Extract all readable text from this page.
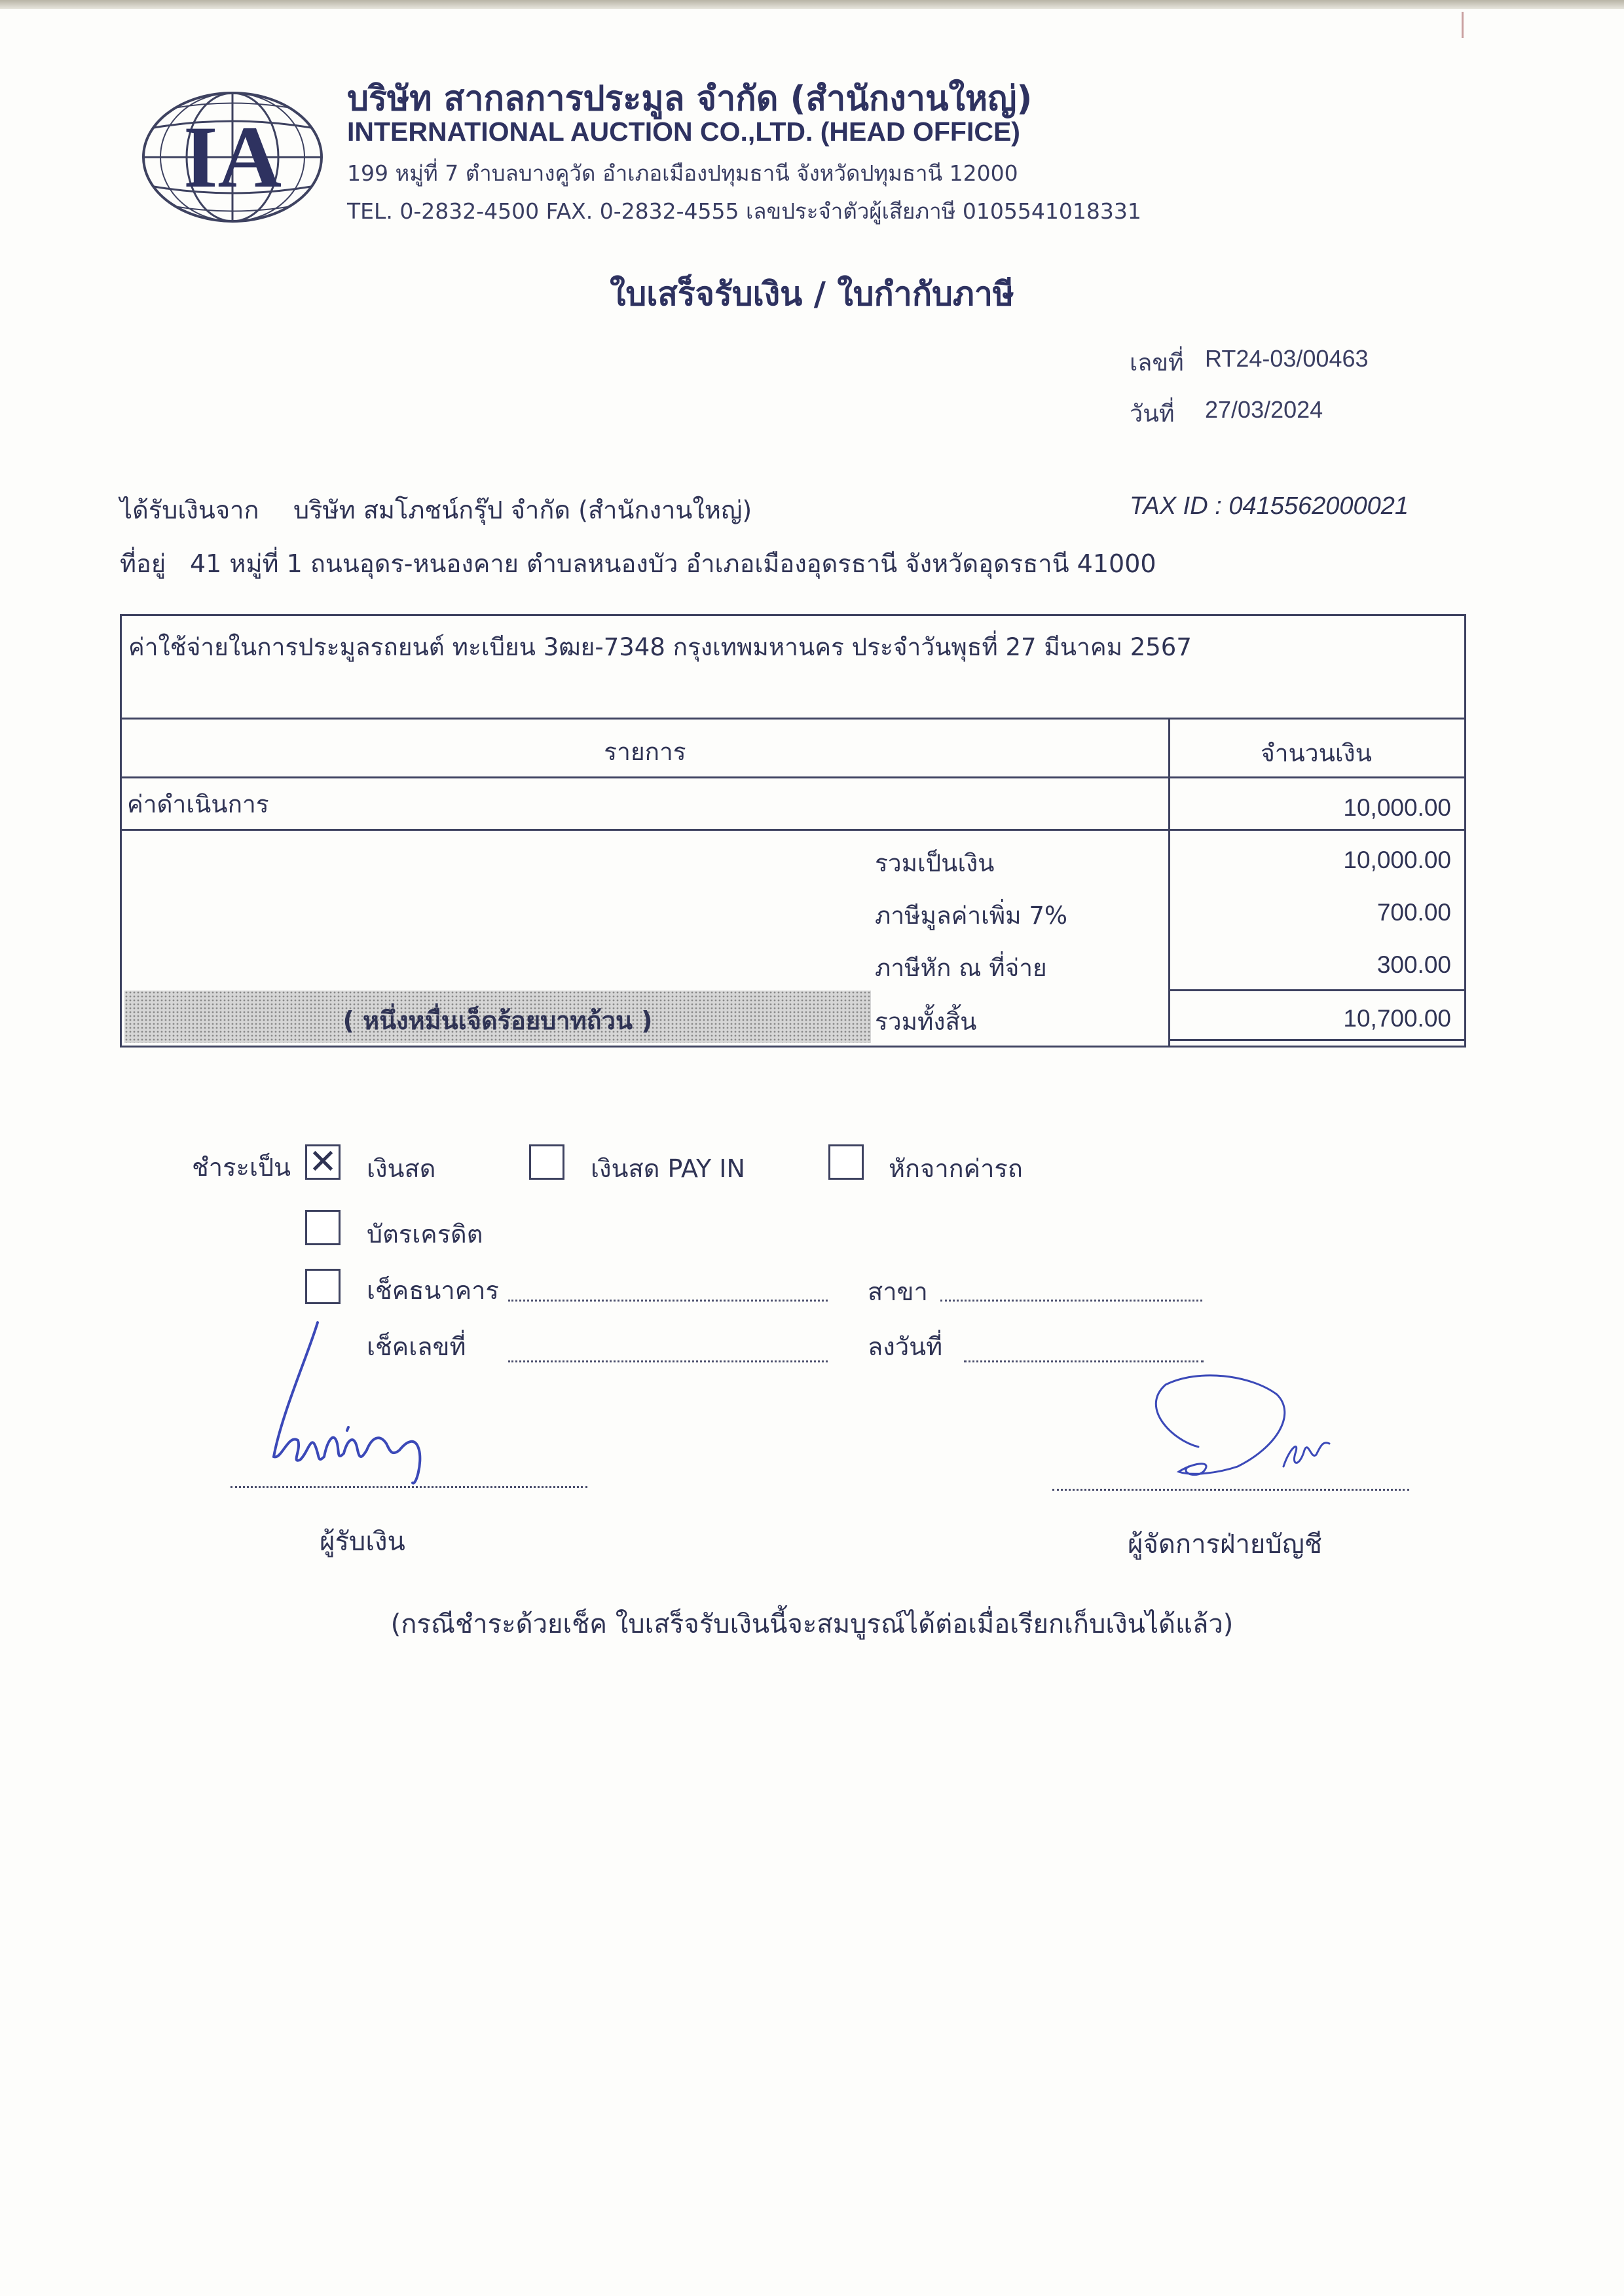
IA
บริษัท สากลการประมูล จำกัด (สำนักงานใหญ่)
INTERNATIONAL AUCTION CO.,LTD. (HEAD OFFICE)
199 หมู่ที่ 7 ตำบลบางคูวัด อำเภอเมืองปทุมธานี จังหวัดปทุมธานี 12000
TEL. 0-2832-4500 FAX. 0-2832-4555 เลขประจำตัวผู้เสียภาษี 0105541018331
ใบเสร็จรับเงิน / ใบกำกับภาษี
เลขที่ RT24-03/00463
วันที่ 27/03/2024
ได้รับเงินจาก บริษัท สมโภชน์กรุ๊ป จำกัด (สำนักงานใหญ่)	TAX ID : 0415562000021
ที่อยู่ 41 หมู่ที่ 1 ถนนอุดร-หนองคาย ตำบลหนองบัว อำเภอเมืองอุดรธานี จังหวัดอุดรธานี 41000
ค่าใช้จ่ายในการประมูลรถยนต์ ทะเบียน 3ฒย-7348 กรุงเทพมหานคร ประจำวันพุธที่ 27 มีนาคม 2567
รายการ	จำนวนเงิน
ค่าดำเนินการ	10,000.00
รวมเป็นเงิน	10,000.00
ภาษีมูลค่าเพิ่ม 7%	700.00
ภาษีหัก ณ ที่จ่าย	300.00
( หนึ่งหมื่นเจ็ดร้อยบาทถ้วน )	รวมทั้งสิ้น	10,700.00
ชำระเป็น ✕ เงินสด	เงินสด PAY IN	หักจากค่ารถ
บัตรเครดิต
เช็คธนาคาร	สาขา
เช็คเลขที่	ลงวันที่
ผู้รับเงิน	ผู้จัดการฝ่ายบัญชี
(กรณีชำระด้วยเช็ค ใบเสร็จรับเงินนี้จะสมบูรณ์ได้ต่อเมื่อเรียกเก็บเงินได้แล้ว)
